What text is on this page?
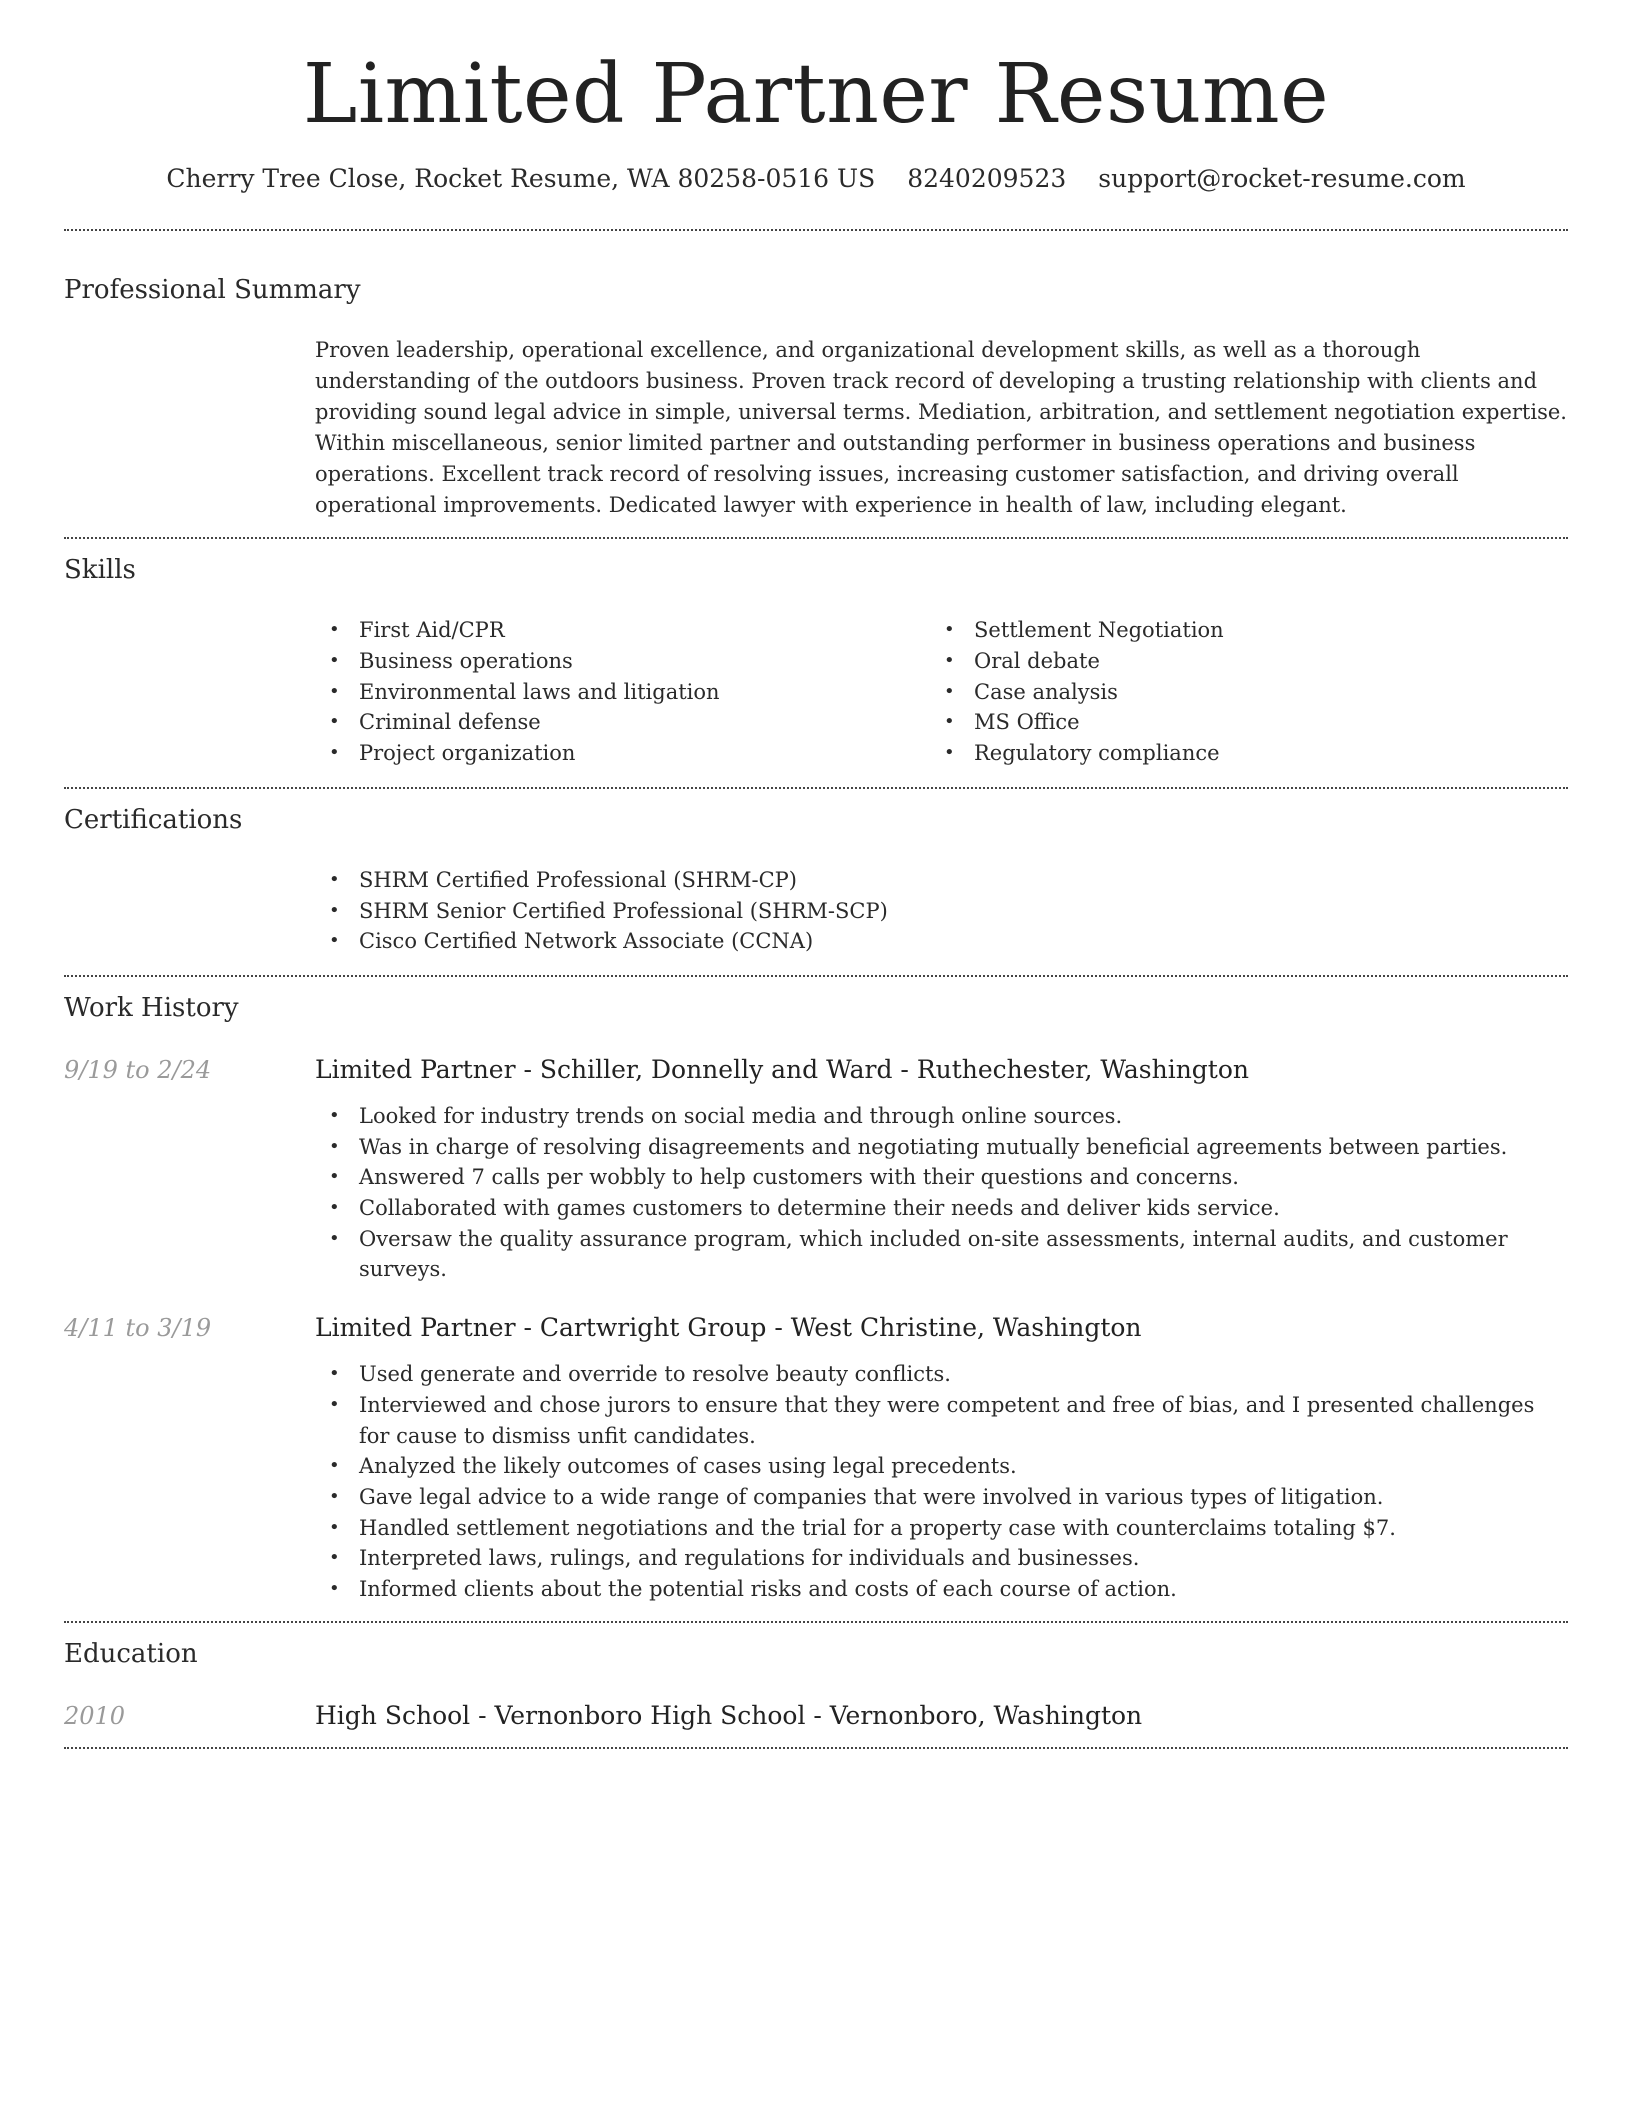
Limited Partner Resume
Cherry Tree Close, Rocket Resume, WA 80258-0516 US 8240209523 support@rocket-resume.com
Professional Summary

Proven leadership, operational excellence, and organizational development skills, as well as a thorough understanding of the outdoors business. Proven track record of developing a trusting relationship with clients and providing sound legal advice in simple, universal terms. Mediation, arbitration, and settlement negotiation expertise. Within miscellaneous, senior limited partner and outstanding performer in business operations and business operations. Excellent track record of resolving issues, increasing customer satisfaction, and driving overall operational improvements. Dedicated lawyer with experience in health of law, including elegant.

Skills
• First Aid/CPR
• Business operations
• Environmental laws and litigation
• Criminal defense
• Project organization
• Settlement Negotiation
• Oral debate
• Case analysis
• MS Office
• Regulatory compliance
Certifications
• SHRM Certified Professional (SHRM-CP)
• SHRM Senior Certified Professional (SHRM-SCP)
• Cisco Certified Network Associate (CCNA)
Work History
9/19 to 2/24	Limited Partner - Schiller, Donnelly and Ward - Ruthechester, Washington
• Looked for industry trends on social media and through online sources.
• Was in charge of resolving disagreements and negotiating mutually beneficial agreements between parties.
• Answered 7 calls per wobbly to help customers with their questions and concerns.
• Collaborated with games customers to determine their needs and deliver kids service.
• Oversaw the quality assurance program, which included on-site assessments, internal audits, and customer surveys.
4/11 to 3/19	Limited Partner - Cartwright Group - West Christine, Washington
• Used generate and override to resolve beauty conflicts.
• Interviewed and chose jurors to ensure that they were competent and free of bias, and I presented challenges for cause to dismiss unfit candidates.
• Analyzed the likely outcomes of cases using legal precedents.
• Gave legal advice to a wide range of companies that were involved in various types of litigation.
• Handled settlement negotiations and the trial for a property case with counterclaims totaling $7.
• Interpreted laws, rulings, and regulations for individuals and businesses.
• Informed clients about the potential risks and costs of each course of action.
Education
2010	High School - Vernonboro High School - Vernonboro, Washington
